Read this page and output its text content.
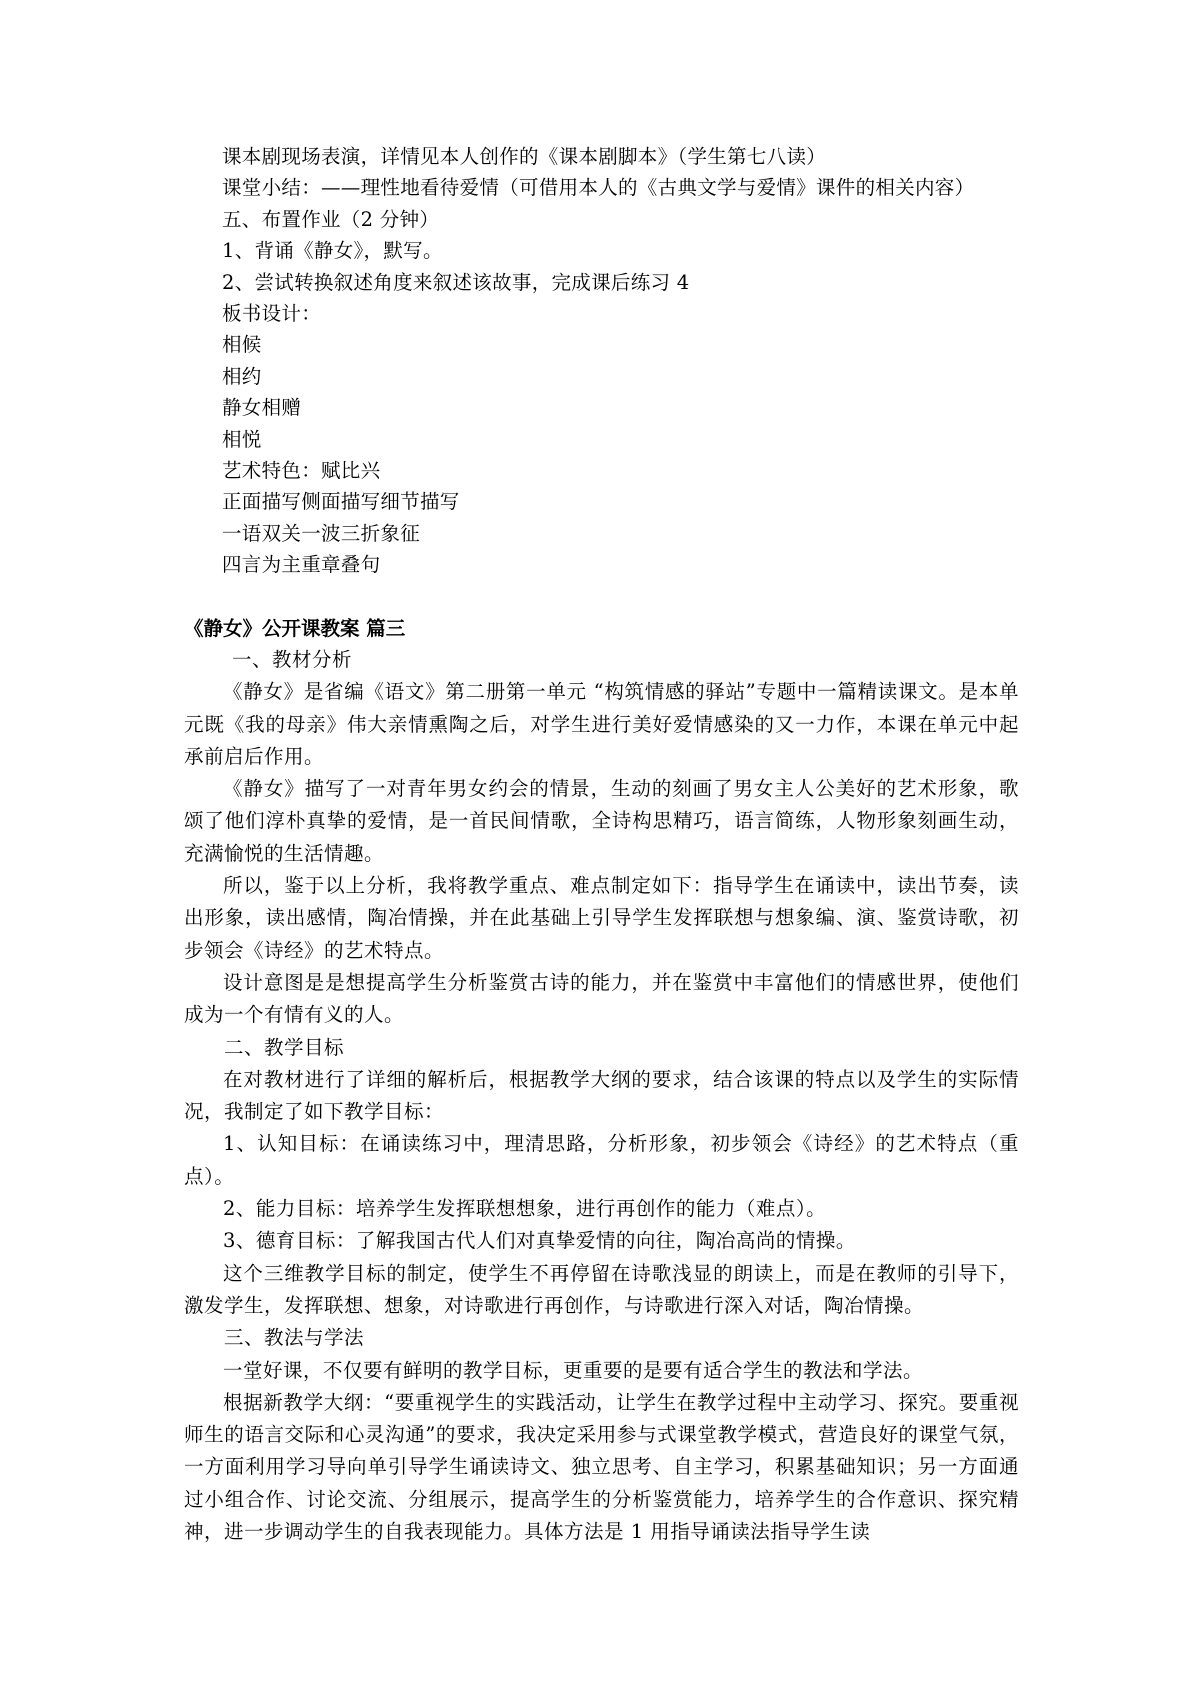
课本剧现场表演，详情见本人创作的《课本剧脚本》（学生第七八读）

课堂小结：——理性地看待爱情（可借用本人的《古典文学与爱情》课件的相关内容）

五、布置作业（2 分钟）

1、背诵《静女》，默写。

2、尝试转换叙述角度来叙述该故事，完成课后练习 4

板书设计：

相候

相约

静女相赠

相悦

艺术特色：赋比兴

正面描写侧面描写细节描写

一语双关一波三折象征

四言为主重章叠句

《静女》公开课教案 篇三

一、教材分析

《静女》是省编《语文》第二册第一单元 “构筑情感的驿站”专题中一篇精读课文。是本单元既《我的母亲》伟大亲情熏陶之后，对学生进行美好爱情感染的又一力作，本课在单元中起承前启后作用。

《静女》描写了一对青年男女约会的情景，生动的刻画了男女主人公美好的艺术形象，歌颂了他们淳朴真挚的爱情，是一首民间情歌，全诗构思精巧，语言简练，人物形象刻画生动，充满愉悦的生活情趣。

所以，鉴于以上分析，我将教学重点、难点制定如下：指导学生在诵读中，读出节奏，读出形象，读出感情，陶冶情操，并在此基础上引导学生发挥联想与想象编、演、鉴赏诗歌，初步领会《诗经》的艺术特点。

设计意图是是想提高学生分析鉴赏古诗的能力，并在鉴赏中丰富他们的情感世界，使他们成为一个有情有义的人。

二、教学目标

在对教材进行了详细的解析后，根据教学大纲的要求，结合该课的特点以及学生的实际情况，我制定了如下教学目标：

1、认知目标：在诵读练习中，理清思路，分析形象，初步领会《诗经》的艺术特点（重点）。

2、能力目标：培养学生发挥联想想象，进行再创作的能力（难点）。

3、德育目标：了解我国古代人们对真挚爱情的向往，陶冶高尚的情操。

这个三维教学目标的制定，使学生不再停留在诗歌浅显的朗读上，而是在教师的引导下，激发学生，发挥联想、想象，对诗歌进行再创作，与诗歌进行深入对话，陶冶情操。

三、教法与学法

一堂好课，不仅要有鲜明的教学目标，更重要的是要有适合学生的教法和学法。

根据新教学大纲：“要重视学生的实践活动，让学生在教学过程中主动学习、探究。要重视师生的语言交际和心灵沟通”的要求，我决定采用参与式课堂教学模式，营造良好的课堂气氛，一方面利用学习导向单引导学生诵读诗文、独立思考、自主学习，积累基础知识；另一方面通过小组合作、讨论交流、分组展示，提高学生的分析鉴赏能力，培养学生的合作意识、探究精神，进一步调动学生的自我表现能力。具体方法是 1 用指导诵读法指导学生读
